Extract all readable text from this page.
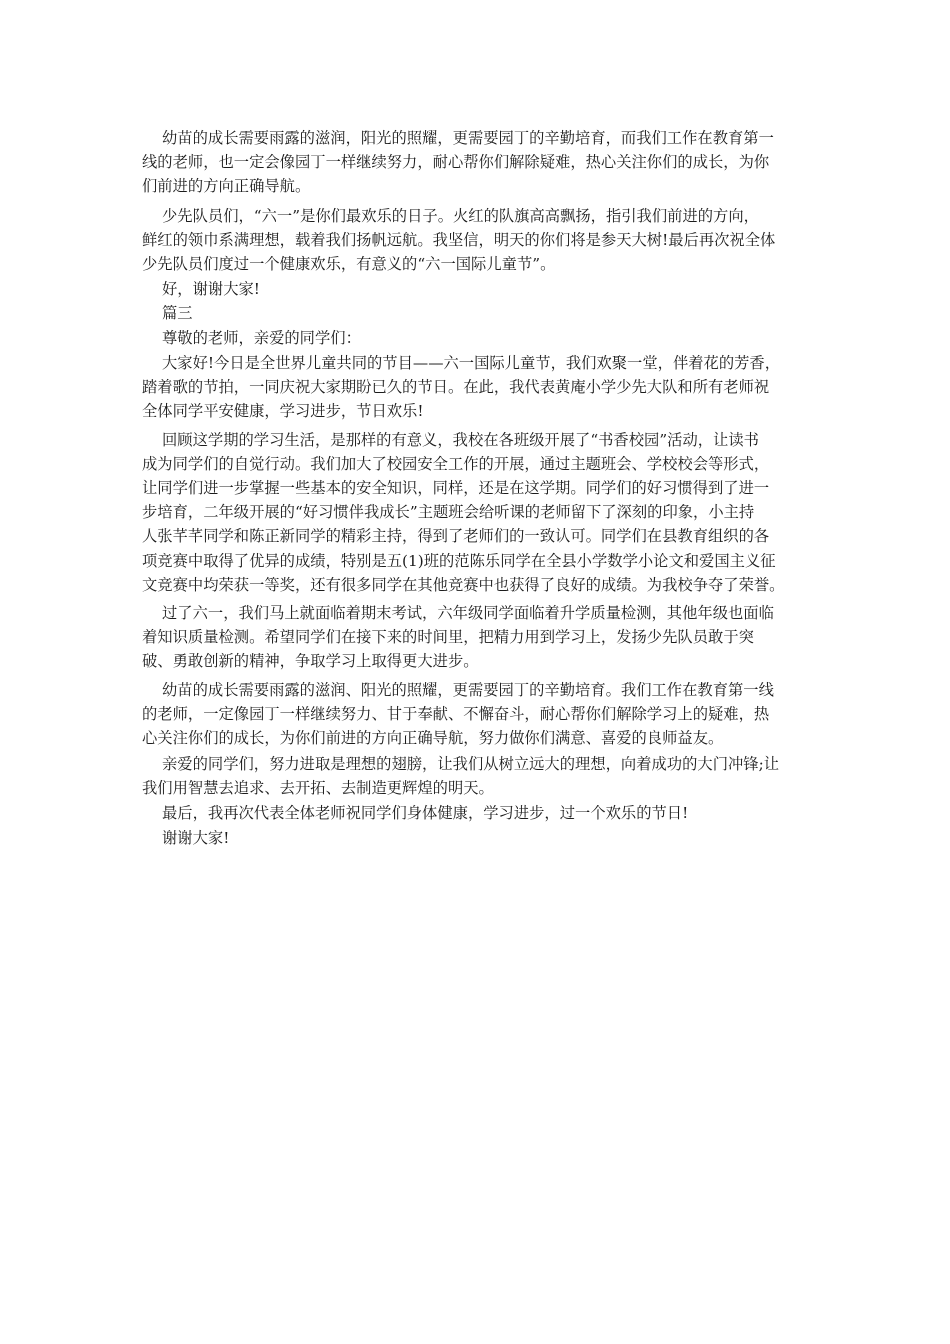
幼苗的成长需要雨露的滋润，阳光的照耀，更需要园丁的辛勤培育，而我们工作在教育第一

线的老师，也一定会像园丁一样继续努力，耐心帮你们解除疑难，热心关注你们的成长，为你

们前进的方向正确导航。

少先队员们，“六一”是你们最欢乐的日子。火红的队旗高高飘扬，指引我们前进的方向，

鲜红的领巾系满理想，载着我们扬帆远航。我坚信，明天的你们将是参天大树!最后再次祝全体

少先队员们度过一个健康欢乐，有意义的“六一国际儿童节”。

好，谢谢大家!

篇三

尊敬的老师，亲爱的同学们：

大家好!今日是全世界儿童共同的节目——六一国际儿童节，我们欢聚一堂，伴着花的芳香，

踏着歌的节拍，一同庆祝大家期盼已久的节日。在此，我代表黄庵小学少先大队和所有老师祝

全体同学平安健康，学习进步，节日欢乐!

回顾这学期的学习生活，是那样的有意义，我校在各班级开展了“书香校园”活动，让读书

成为同学们的自觉行动。我们加大了校园安全工作的开展，通过主题班会、学校校会等形式，

让同学们进一步掌握一些基本的安全知识，同样，还是在这学期。同学们的好习惯得到了进一

步培育，二年级开展的“好习惯伴我成长”主题班会给听课的老师留下了深刻的印象，小主持

人张芊芊同学和陈正新同学的精彩主持，得到了老师们的一致认可。同学们在县教育组织的各

项竞赛中取得了优异的成绩，特别是五(1)班的范陈乐同学在全县小学数学小论文和爱国主义征

文竞赛中均荣获一等奖，还有很多同学在其他竞赛中也获得了良好的成绩。为我校争夺了荣誉。

过了六一，我们马上就面临着期末考试，六年级同学面临着升学质量检测，其他年级也面临

着知识质量检测。希望同学们在接下来的时间里，把精力用到学习上，发扬少先队员敢于突

破、勇敢创新的精神，争取学习上取得更大进步。

幼苗的成长需要雨露的滋润、阳光的照耀，更需要园丁的辛勤培育。我们工作在教育第一线

的老师，一定像园丁一样继续努力、甘于奉献、不懈奋斗，耐心帮你们解除学习上的疑难，热

心关注你们的成长，为你们前进的方向正确导航，努力做你们满意、喜爱的良师益友。

亲爱的同学们，努力进取是理想的翅膀，让我们从树立远大的理想，向着成功的大门冲锋;让

我们用智慧去追求、去开拓、去制造更辉煌的明天。

最后，我再次代表全体老师祝同学们身体健康，学习进步，过一个欢乐的节日!

谢谢大家!
